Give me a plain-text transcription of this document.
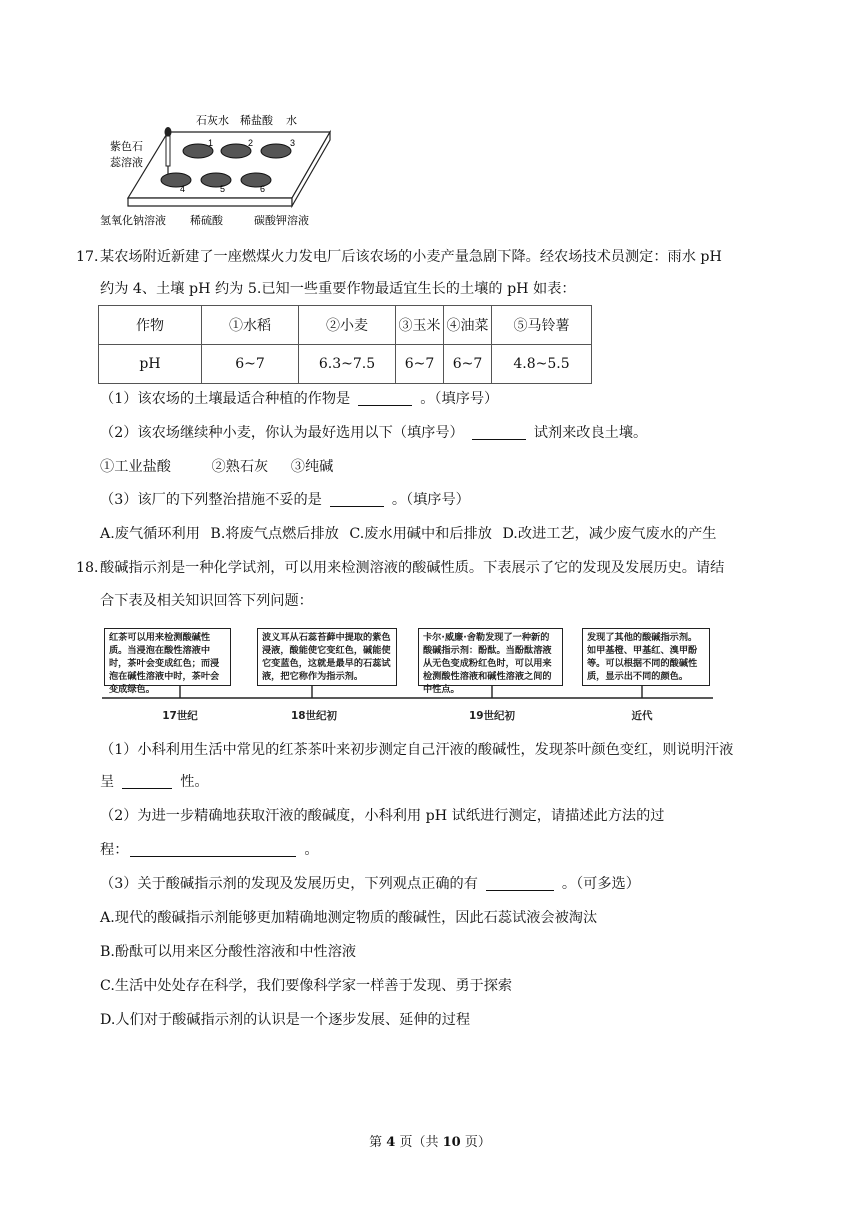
1	2	3
4	5	6
石灰水 稀盐酸 水
紫色石
蕊溶液
氢氧化钠溶液 稀硫酸	碳酸钾溶液
17．
某农场附近新建了一座燃煤火力发电厂后该农场的小麦产量急剧下降。经农场技术员测定：雨水 pH
约为 4、土壤 pH 约为 5.已知一些重要作物最适宜生长的土壤的 pH 如表：
作物	①水稻	②小麦	③玉米	④油菜	⑤马铃薯
pH	6~7	6.3~7.5	6~7	6~7	4.8~5.5
（1）该农场的土壤最适合种植的作物是	。（填序号）
（2）该农场继续种小麦，你认为最好选用以下（填序号）	试剂来改良土壤。
①工业盐酸	②熟石灰 ③纯碱
（3）该厂的下列整治措施不妥的是	。（填序号）
A.废气循环利用 B.将废气点燃后排放 C.废水用碱中和后排放 D.改进工艺，减少废气废水的产生
18．
酸碱指示剂是一种化学试剂，可以用来检测溶液的酸碱性质。下表展示了它的发现及发展历史。请结
合下表及相关知识回答下列问题：
红茶可以用来检测酸碱性质。当浸泡在酸性溶液中时，茶叶会变成红色；而浸泡在碱性溶液中时，茶叶会变成绿色。
波义耳从石蕊苔藓中提取的紫色浸液，酸能使它变红色，碱能使它变蓝色，这就是最早的石蕊试液，把它称作为指示剂。
卡尔·威廉·舍勒发现了一种新的酸碱指示剂：酚酞。当酚酞溶液从无色变成粉红色时，可以用来检测酸性溶液和碱性溶液之间的中性点。
发现了其他的酸碱指示剂。如甲基橙、甲基红、溴甲酚等。可以根据不同的酸碱性质，显示出不同的颜色。
17世纪	18世纪初	19世纪初	近代
（1）小科利用生活中常见的红茶茶叶来初步测定自己汗液的酸碱性，发现茶叶颜色变红，则说明汗液
呈	性。
（2）为进一步精确地获取汗液的酸碱度，小科利用 pH 试纸进行测定，请描述此方法的过
程：	。
（3）关于酸碱指示剂的发现及发展历史，下列观点正确的有	。（可多选）
A.现代的酸碱指示剂能够更加精确地测定物质的酸碱性，因此石蕊试液会被淘汰
B.酚酞可以用来区分酸性溶液和中性溶液
C.生活中处处存在科学，我们要像科学家一样善于发现、勇于探索
D.人们对于酸碱指示剂的认识是一个逐步发展、延伸的过程
第 4 页（共 10 页）
